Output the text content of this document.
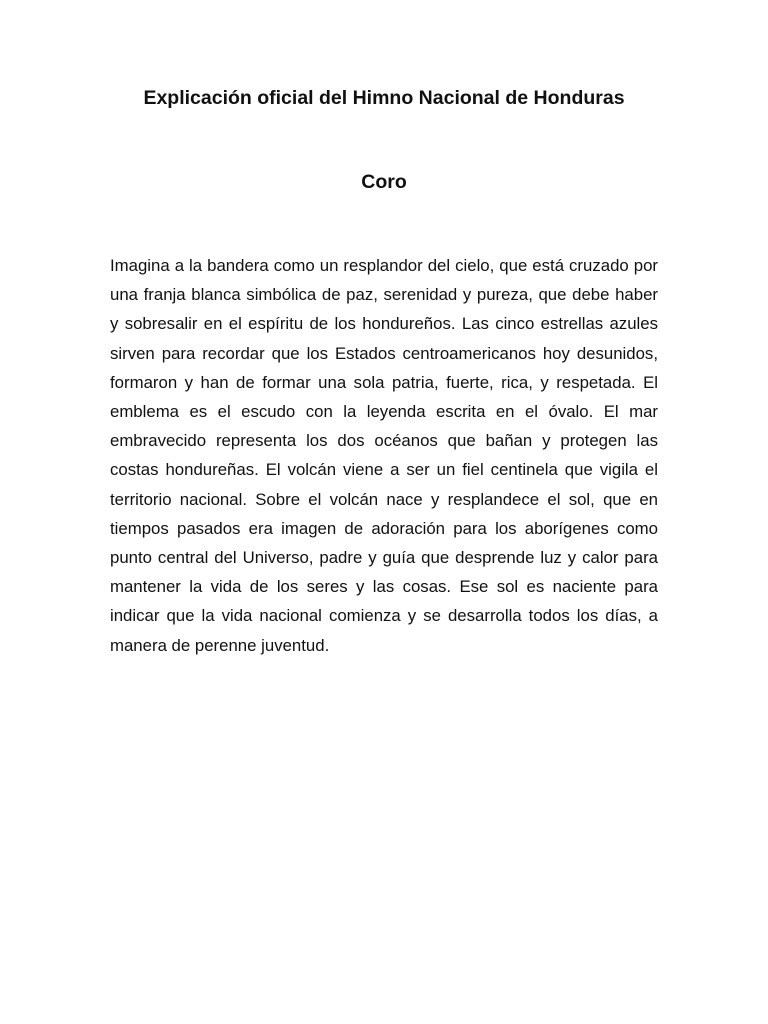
Explicación oficial del Himno Nacional de Honduras
Coro

Imagina a la bandera como un resplandor del cielo, que está cruzado por una franja blanca simbólica de paz, serenidad y pureza, que debe haber y sobresalir en el espíritu de los hondureños. Las cinco estrellas azules sirven para recordar que los Estados centroamericanos hoy desunidos, formaron y han de formar una sola patria, fuerte, rica, y respetada. El emblema es el escudo con la leyenda escrita en el óvalo. El mar embravecido representa los dos océanos que bañan y protegen las costas hondureñas. El volcán viene a ser un fiel centinela que vigila el territorio nacional. Sobre el volcán nace y resplandece el sol, que en tiempos pasados era imagen de adoración para los aborígenes como punto central del Universo, padre y guía que desprende luz y calor para mantener la vida de los seres y las cosas. Ese sol es naciente para indicar que la vida nacional comienza y se desarrolla todos los días, a manera de perenne juventud.
